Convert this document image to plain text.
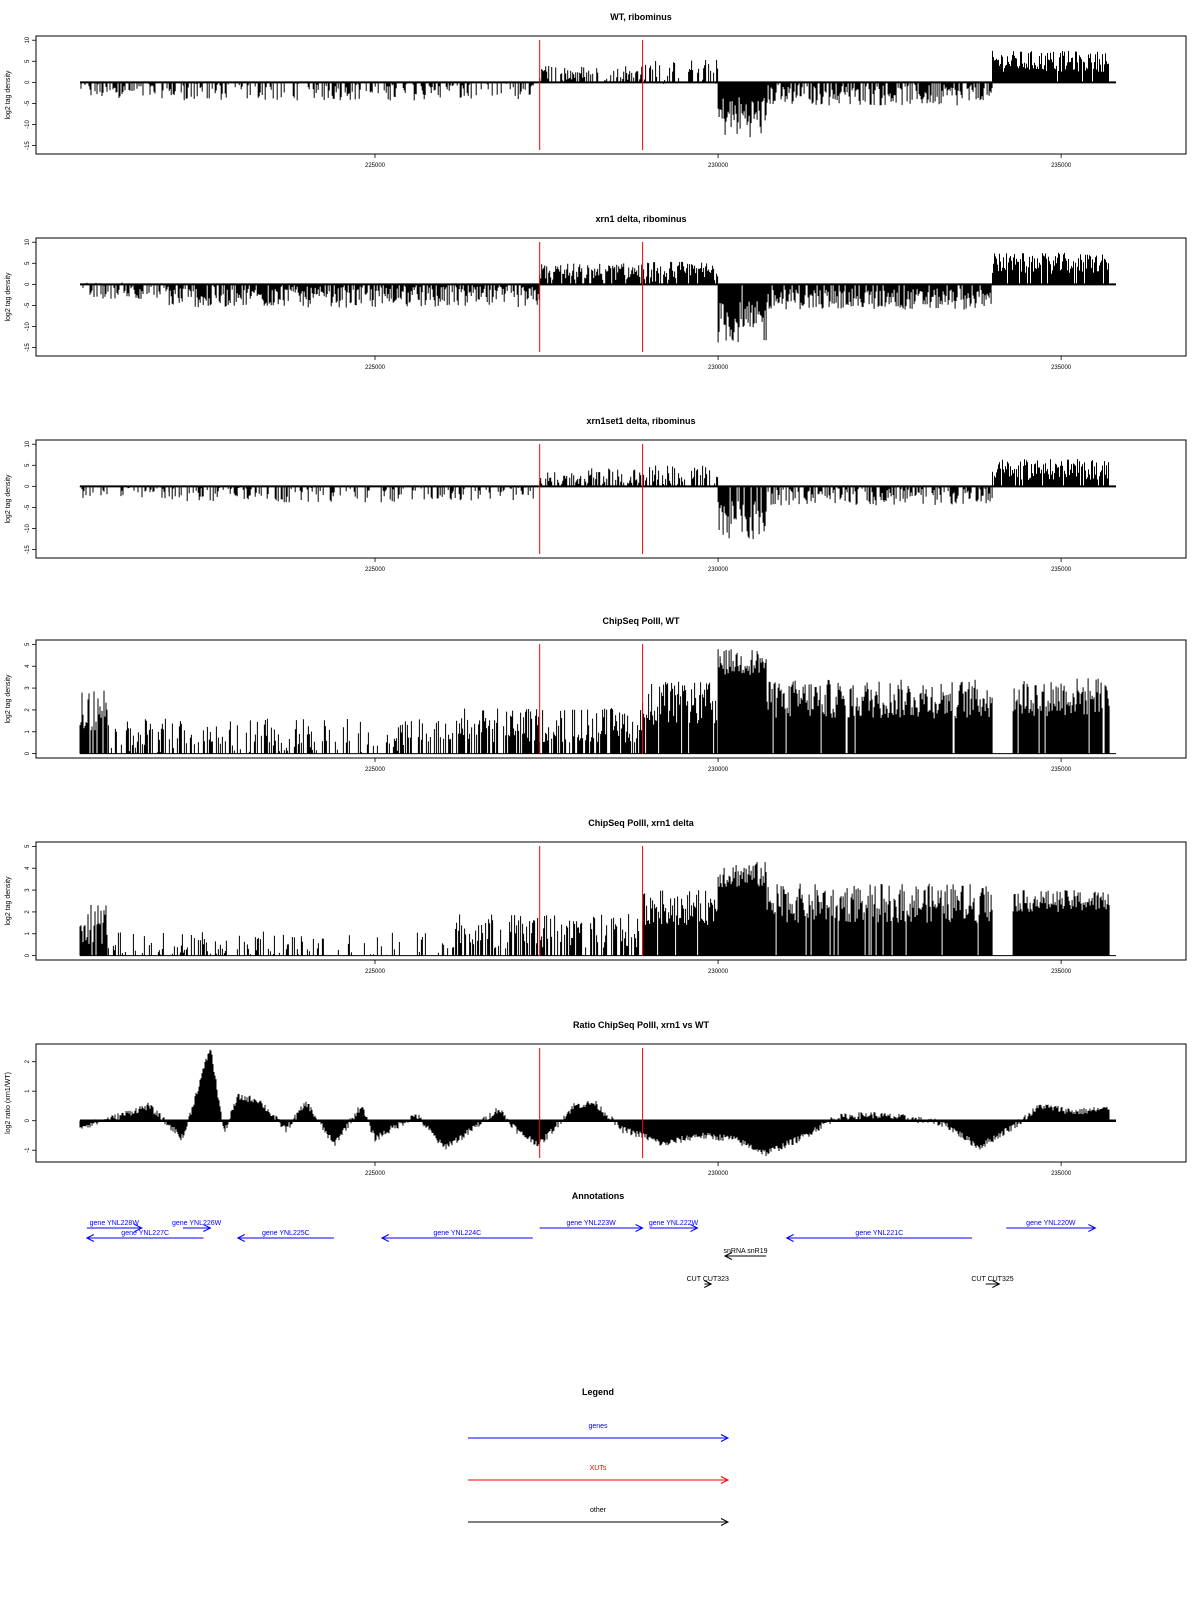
WT, ribominus
log2 tag density
-15
-10
-5
0
5
10
225000	230000	235000
xrn1 delta, ribominus
log2 tag density
-15
-10
-5
0
5
10
225000	230000	235000
xrn1set1 delta, ribominus
log2 tag density
-15
-10
-5
0
5
10
225000	230000	235000
ChipSeq PolII, WT
log2 tag density
0
1
2
3
4
5
225000	230000	235000
ChipSeq PolII, xrn1 delta
log2 tag density
0
1
2
3
4
5
225000	230000	235000
Ratio ChipSeq PolII, xrn1 vs WT
log2 ratio (xrn1/WT)
-1
0
1
2
225000	230000	235000
Annotations
gene YNL228W
gene YNL227C
gene YNL226W
gene YNL225C	gene YNL224C
gene YNL223W	gene YNL222W
gene YNL221C
gene YNL220W
snRNA snR19
CUT CUT323	CUT CUT325
Legend
genes
XUTs
other
